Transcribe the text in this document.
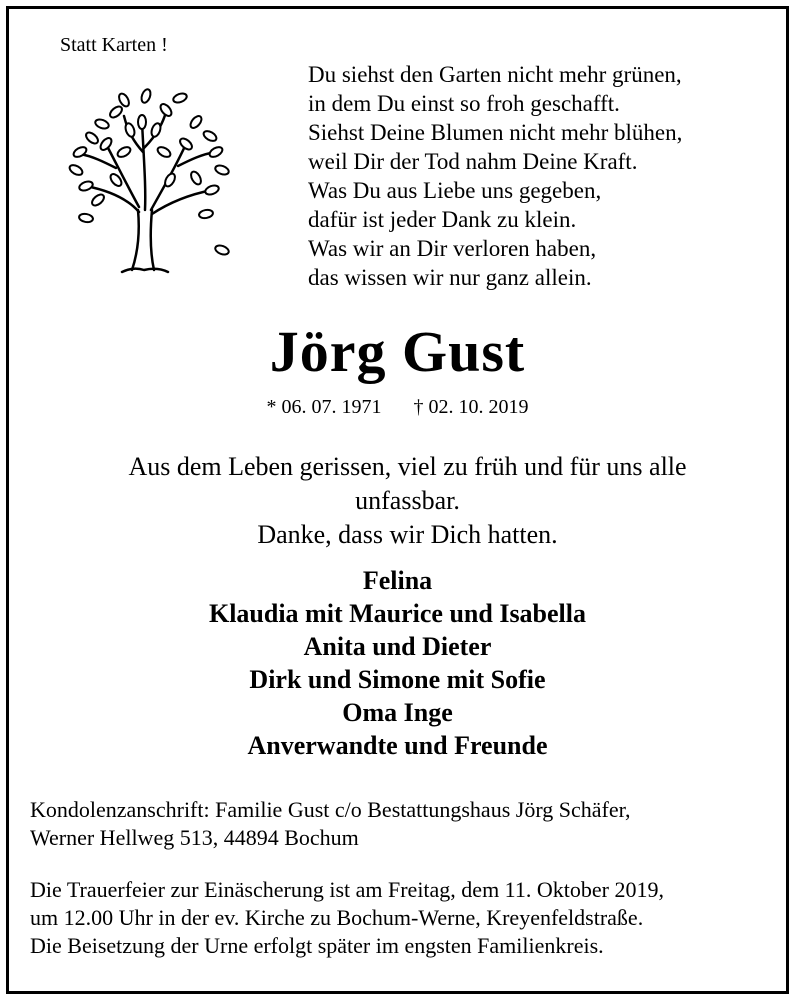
Statt Karten !
Du siehst den Garten nicht mehr grünen,
in dem Du einst so froh geschafft.
Siehst Deine Blumen nicht mehr blühen,
weil Dir der Tod nahm Deine Kraft.
Was Du aus Liebe uns gegeben,
dafür ist jeder Dank zu klein.
Was wir an Dir verloren haben,
das wissen wir nur ganz allein.
Jörg Gust
* 06. 07. 1971 † 02. 10. 2019
Aus dem Leben gerissen, viel zu früh und für uns alle
unfassbar.
Danke, dass wir Dich hatten.
Felina
Klaudia mit Maurice und Isabella
Anita und Dieter
Dirk und Simone mit Sofie
Oma Inge
Anverwandte und Freunde
Kondolenzanschrift: Familie Gust c/o Bestattungshaus Jörg Schäfer,
Werner Hellweg 513, 44894 Bochum
Die Trauerfeier zur Einäscherung ist am Freitag, dem 11. Oktober 2019,
um 12.00 Uhr in der ev. Kirche zu Bochum-Werne, Kreyenfeldstraße.
Die Beisetzung der Urne erfolgt später im engsten Familienkreis.
